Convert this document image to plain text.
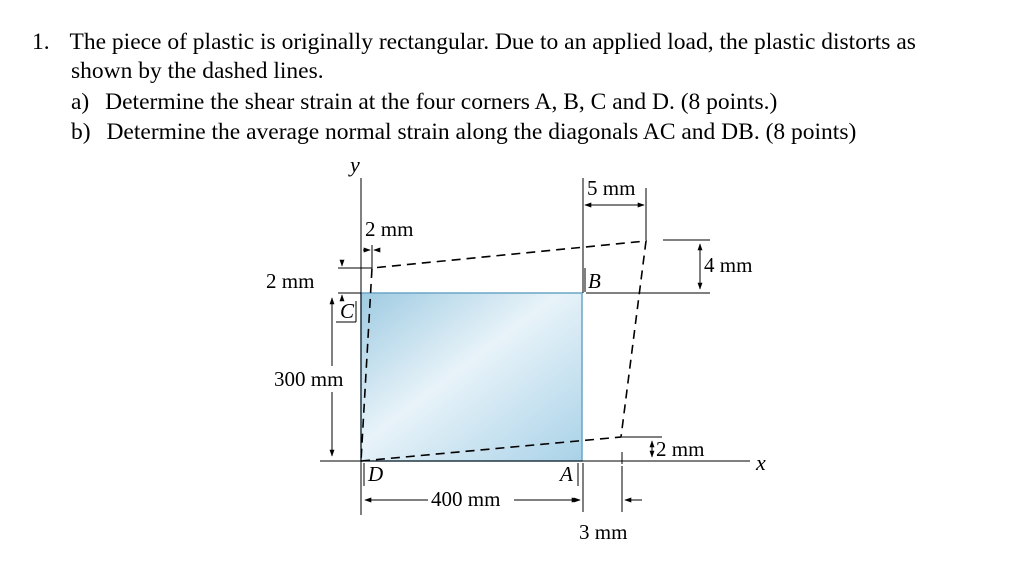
1. The piece of plastic is originally rectangular. Due to an applied load, the plastic distorts as
shown by the dashed lines.
a) Determine the shear strain at the four corners A, B, C and D. (8 points.)
b) Determine the average normal strain along the diagonals AC and DB. (8 points)
y
x
C
B
D	A
5 mm
2 mm
2 mm
4 mm
300 mm
400 mm
2 mm
3 mm
